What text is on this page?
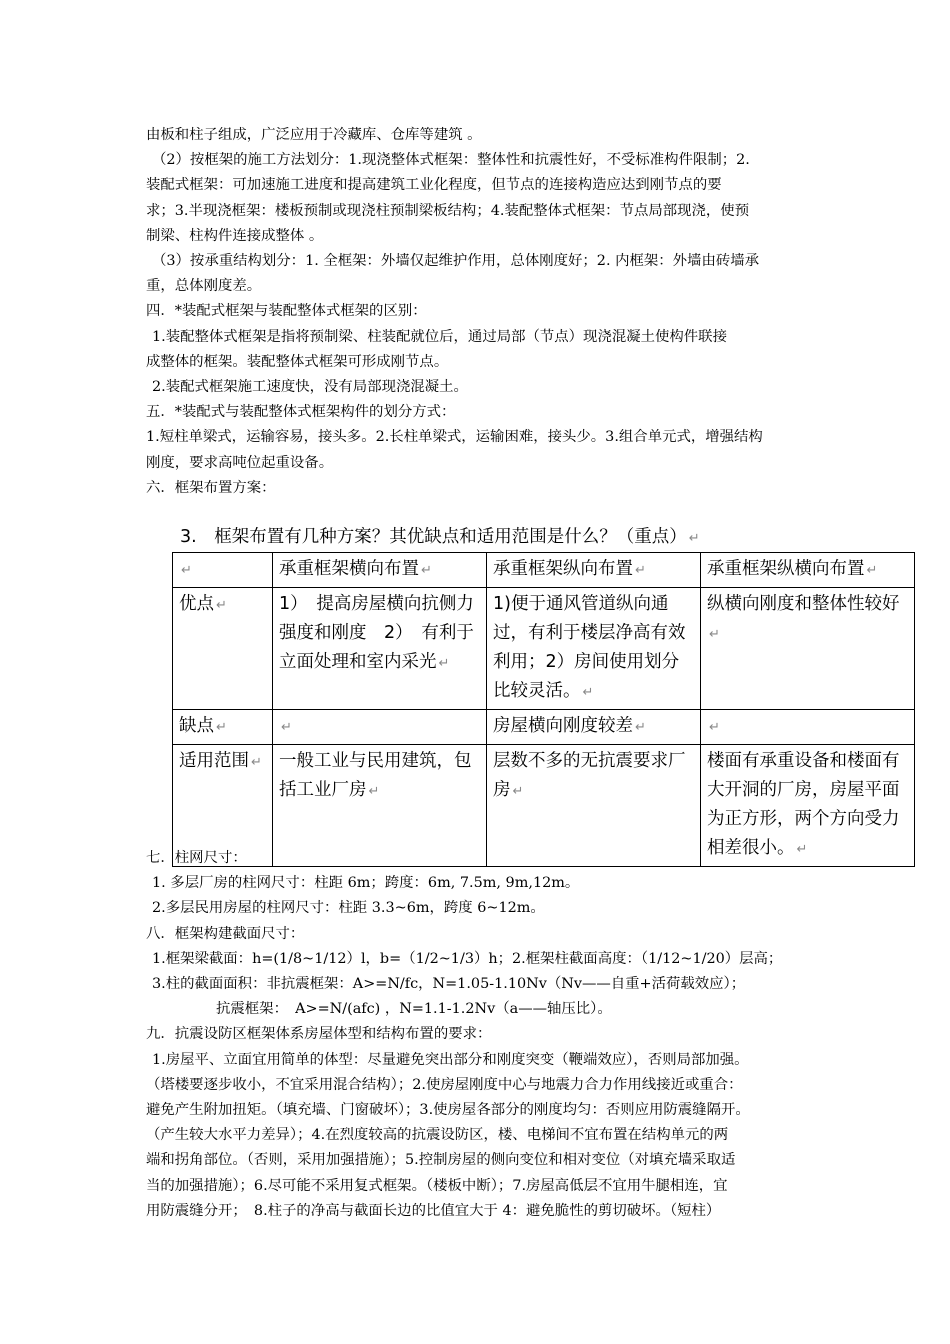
由板和柱子组成，广泛应用于冷藏库、仓库等建筑 。

（2）按框架的施工方法划分：1.现浇整体式框架：整体性和抗震性好，不受标准构件限制；2.

装配式框架：可加速施工进度和提高建筑工业化程度，但节点的连接构造应达到刚节点的要

求；3.半现浇框架：楼板预制或现浇柱预制梁板结构；4.装配整体式框架：节点局部现浇，使预

制梁、柱构件连接成整体 。

（3）按承重结构划分：1. 全框架：外墙仅起维护作用，总体刚度好；2. 内框架：外墙由砖墙承

重，总体刚度差。

四．*装配式框架与装配整体式框架的区别：

1.装配整体式框架是指将预制梁、柱装配就位后，通过局部（节点）现浇混凝土使构件联接

成整体的框架。装配整体式框架可形成刚节点。

2.装配式框架施工速度快，没有局部现浇混凝土。

五．*装配式与装配整体式框架构件的划分方式：

1.短柱单梁式，运输容易，接头多。2.长柱单梁式，运输困难，接头少。3.组合单元式，增强结构

刚度，要求高吨位起重设备。

六．框架布置方案：

3.　框架布置有几种方案？其优缺点和适用范围是什么？（重点） ↵
↵	承重框架横向布置 ↵	承重框架纵向布置 ↵	承重框架纵横向布置 ↵
优点 ↵	1）　提高房屋横向抗侧力强度和刚度　2）　有利于立面处理和室内采光 ↵	1)便于通风管道纵向通过，有利于楼层净高有效利用；2）房间使用划分比较灵活。 ↵	纵横向刚度和整体性较好↵
缺点 ↵	↵	房屋横向刚度较差 ↵	↵
适用范围 ↵	一般工业与民用建筑，包括工业厂房 ↵	层数不多的无抗震要求厂房 ↵	楼面有承重设备和楼面有大开洞的厂房，房屋平面为正方形，两个方向受力相差很小。 ↵

七．柱网尺寸：

1. 多层厂房的柱网尺寸：柱距 6m；跨度：6m, 7.5m, 9m,12m。

2.多层民用房屋的柱网尺寸：柱距 3.3~6m，跨度 6~12m。

八．框架构建截面尺寸：

1.框架梁截面：h=(1/8~1/12）l，b=（1/2~1/3）h；2.框架柱截面高度：（1/12~1/20）层高；

3.柱的截面面积：非抗震框架：A>=N/fc，N=1.05-1.10Nv（Nv——自重+活荷载效应）；

抗震框架：　A>=N/(afc) ，N=1.1-1.2Nv（a——轴压比）。

九．抗震设防区框架体系房屋体型和结构布置的要求：

1.房屋平、立面宜用简单的体型：尽量避免突出部分和刚度突变（鞭端效应），否则局部加强。

（塔楼要逐步收小，不宜采用混合结构）；2.使房屋刚度中心与地震力合力作用线接近或重合：

避免产生附加扭矩。（填充墙、门窗破坏）；3.使房屋各部分的刚度均匀：否则应用防震缝隔开。

（产生较大水平力差异）；4.在烈度较高的抗震设防区，楼、电梯间不宜布置在结构单元的两

端和拐角部位。（否则，采用加强措施）；5.控制房屋的侧向变位和相对变位（对填充墙采取适

当的加强措施）；6.尽可能不采用复式框架。（楼板中断）；7.房屋高低层不宜用牛腿相连，宜

用防震缝分开；　8.柱子的净高与截面长边的比值宜大于 4：避免脆性的剪切破坏。（短柱）
